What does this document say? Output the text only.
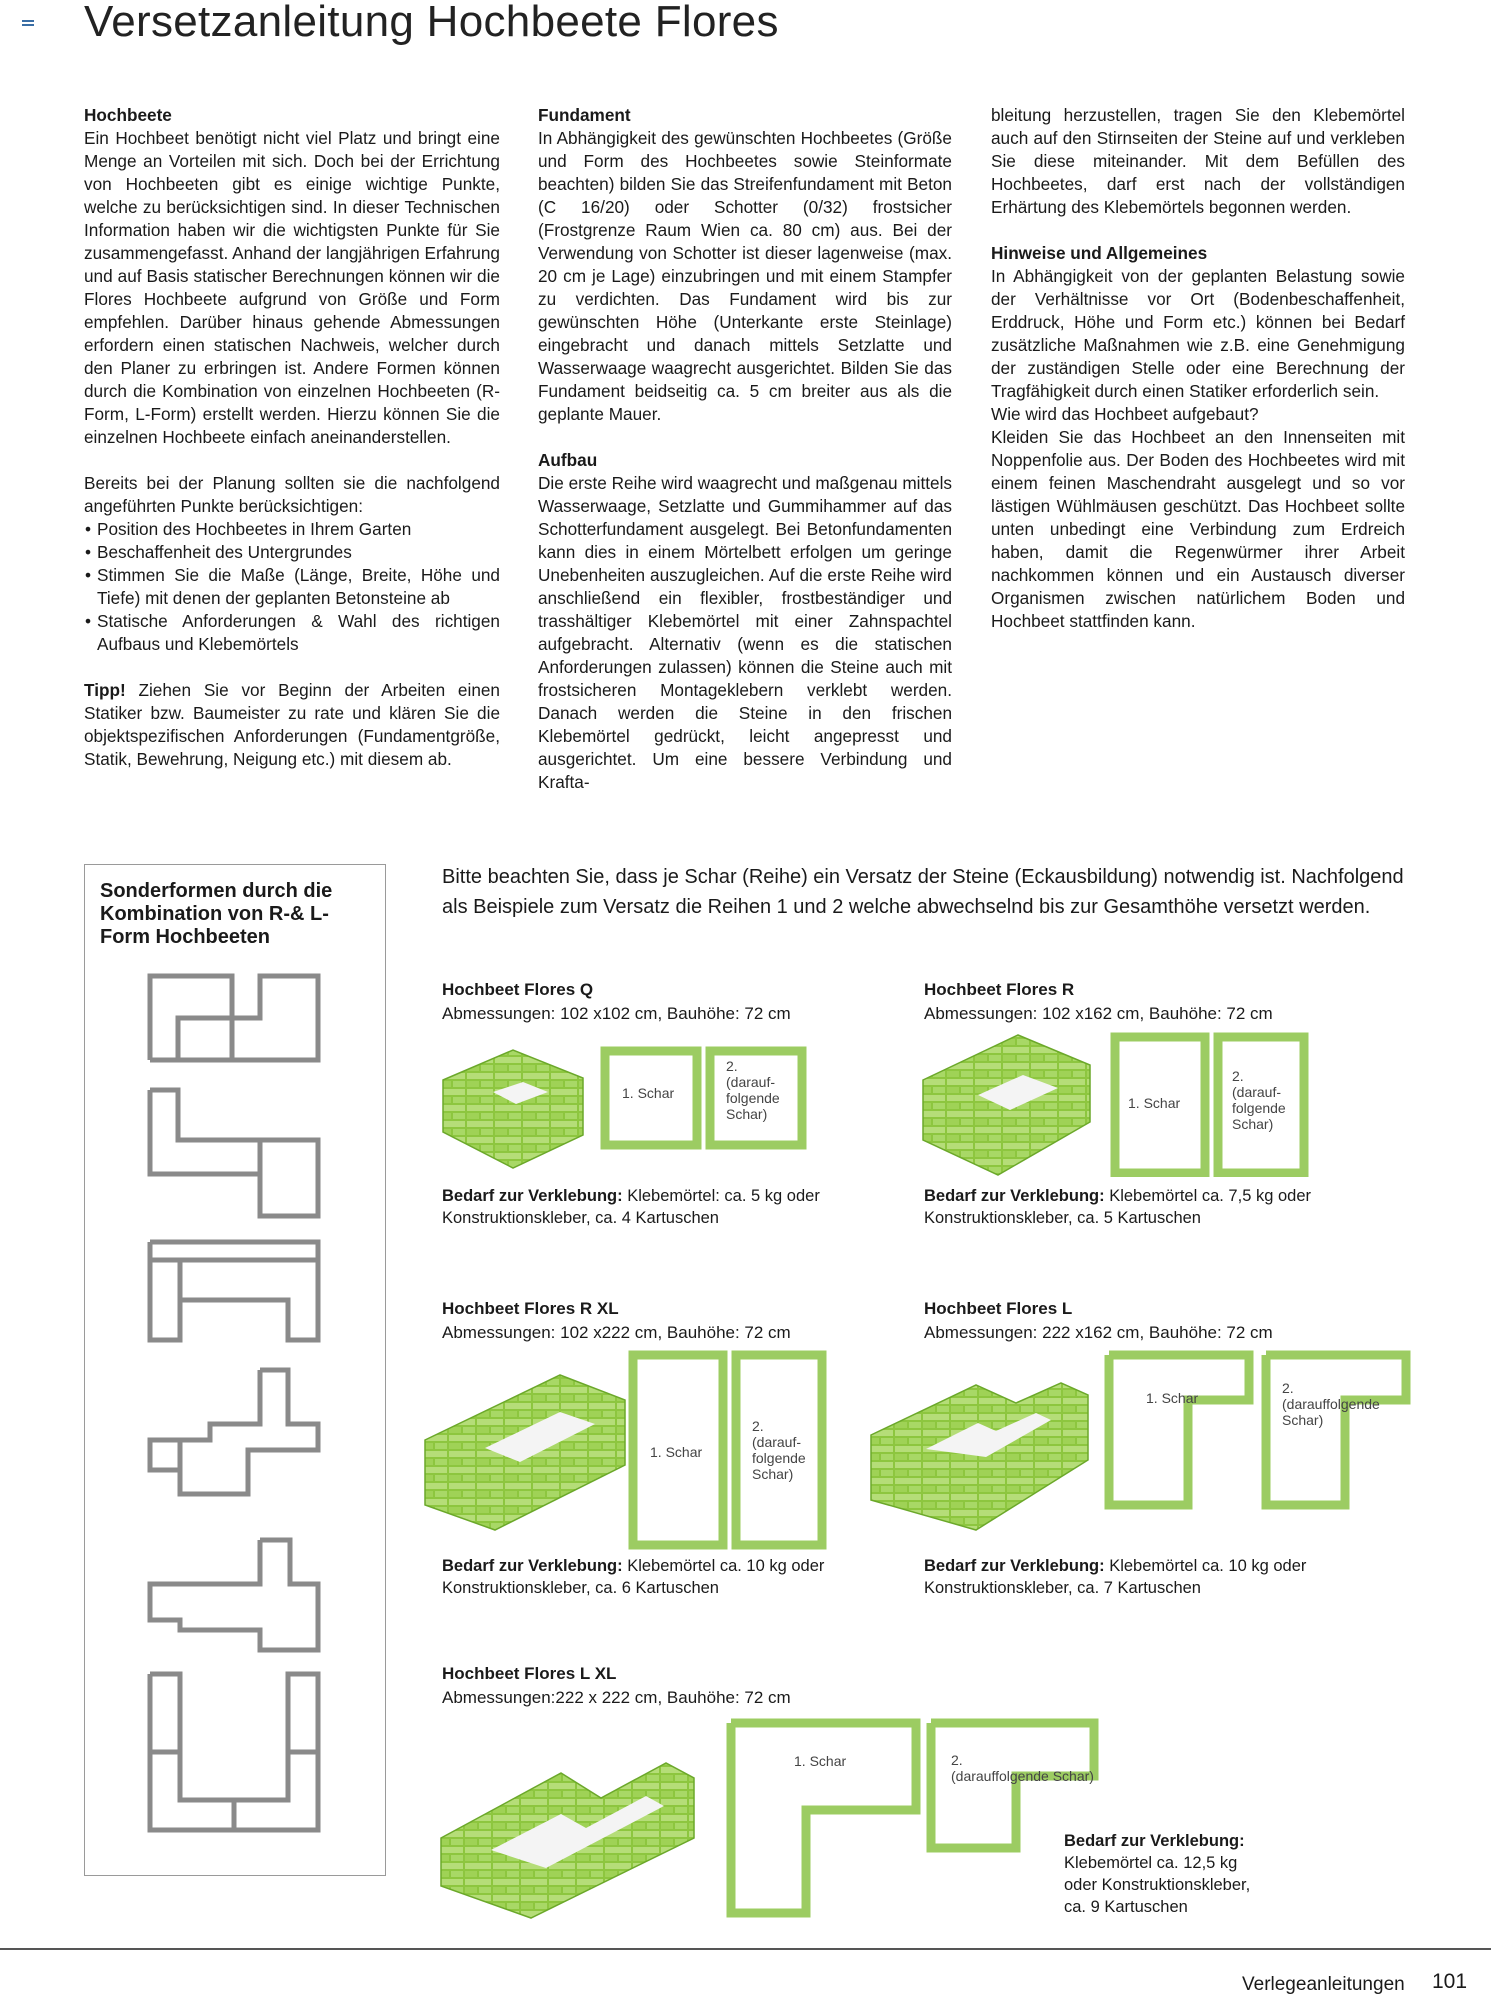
Versetzanleitung Hochbeete Flores
Hochbeete

Ein Hochbeet benötigt nicht viel Platz und bringt eine Menge an Vorteilen mit sich. Doch bei der Errichtung von Hochbeeten gibt es einige wichtige Punkte, welche zu berücksichtigen sind. In dieser Technischen Information haben wir die wichtigsten Punkte für Sie zusammengefasst. Anhand der langjährigen Erfahrung und auf Basis statischer Berechnungen können wir die Flores Hochbeete aufgrund von Größe und Form empfehlen. Darüber hinaus gehende Abmessungen erfordern einen statischen Nachweis, welcher durch den Planer zu erbringen ist. Andere Formen können durch die Kombination von einzelnen Hochbeeten (R-Form, L-Form) erstellt werden. Hierzu können Sie die einzelnen Hochbeete einfach aneinanderstellen.

Bereits bei der Planung sollten sie die nachfolgend angeführten Punkte berücksichtigen:

• Position des Hochbeetes in Ihrem Garten
• Beschaffenheit des Untergrundes
• Stimmen Sie die Maße (Länge, Breite, Höhe und Tiefe) mit denen der geplanten Betonsteine ab
• Statische Anforderungen & Wahl des richtigen Aufbaus und Klebemörtels

Tipp! Ziehen Sie vor Beginn der Arbeiten einen Statiker bzw. Baumeister zu rate und klären Sie die objektspezifischen Anforderungen (Fundamentgröße, Statik, Bewehrung, Neigung etc.) mit diesem ab.

Fundament

In Abhängigkeit des gewünschten Hochbeetes (Größe und Form des Hochbeetes sowie Steinformate beachten) bilden Sie das Streifenfundament mit Beton (C 16/20) oder Schotter (0/32) frostsicher (Frostgrenze Raum Wien ca. 80 cm) aus. Bei der Verwendung von Schotter ist dieser lagenweise (max. 20 cm je Lage) einzubringen und mit einem Stampfer zu verdichten. Das Fundament wird bis zur gewünschten Höhe (Unterkante erste Steinlage) eingebracht und danach mittels Setzlatte und Wasserwaage waagrecht ausgerichtet. Bilden Sie das Fundament beidseitig ca. 5 cm breiter aus als die geplante Mauer.

Aufbau

Die erste Reihe wird waagrecht und maßgenau mittels Wasserwaage, Setzlatte und Gummihammer auf das Schotterfundament ausgelegt. Bei Betonfundamenten kann dies in einem Mörtelbett erfolgen um geringe Unebenheiten auszugleichen. Auf die erste Reihe wird anschließend ein flexibler, frostbeständiger und trasshältiger Klebemörtel mit einer Zahnspachtel aufgebracht. Alternativ (wenn es die statischen Anforderungen zulassen) können die Steine auch mit frostsicheren Montageklebern verklebt werden. Danach werden die Steine in den frischen Klebemörtel gedrückt, leicht angepresst und ausgerichtet. Um eine bessere Verbindung und Krafta-

bleitung herzustellen, tragen Sie den Klebemörtel auch auf den Stirnseiten der Steine auf und verkleben Sie diese miteinander. Mit dem Befüllen des Hochbeetes, darf erst nach der vollständigen Erhärtung des Klebemörtels begonnen werden.

Hinweise und Allgemeines

In Abhängigkeit von der geplanten Belastung sowie der Verhältnisse vor Ort (Bodenbeschaffenheit, Erddruck, Höhe und Form etc.) können bei Bedarf zusätzliche Maßnahmen wie z.B. eine Genehmigung der zuständigen Stelle oder eine Berechnung der Tragfähigkeit durch einen Statiker erforderlich sein.

Wie wird das Hochbeet aufgebaut?

Kleiden Sie das Hochbeet an den Innenseiten mit Noppenfolie aus. Der Boden des Hochbeetes wird mit einem feinen Maschendraht ausgelegt und so vor lästigen Wühlmäusen geschützt. Das Hochbeet sollte unten unbedingt eine Verbindung zum Erdreich haben, damit die Regenwürmer ihrer Arbeit nachkommen können und ein Austausch diverser Organismen zwischen natürlichem Boden und Hochbeet stattfinden kann.

Sonderformen durch die Kombination von R-& L-Form Hochbeeten
Bitte beachten Sie, dass je Schar (Reihe) ein Versatz der Steine (Eckausbildung) notwendig ist. Nachfolgend als Beispiele zum Versatz die Reihen 1 und 2 welche abwechselnd bis zur Gesamthöhe versetzt werden.
Hochbeet Flores Q
Abmessungen: 102 x102 cm, Bauhöhe: 72 cm
1. Schar
2.
(darauf-
folgende
Schar)
Bedarf zur Verklebung: Klebemörtel: ca. 5 kg oder Konstruktionskleber, ca. 4 Kartuschen
Hochbeet Flores R
Abmessungen: 102 x162 cm, Bauhöhe: 72 cm
1. Schar
2.
(darauf-
folgende
Schar)
Bedarf zur Verklebung: Klebemörtel ca. 7,5 kg oder Konstruktionskleber, ca. 5 Kartuschen
Hochbeet Flores R XL
Abmessungen: 102 x222 cm, Bauhöhe: 72 cm
1. Schar
2.
(darauf-
folgende
Schar)
Bedarf zur Verklebung: Klebemörtel ca. 10 kg oder Konstruktionskleber, ca. 6 Kartuschen
Hochbeet Flores L
Abmessungen: 222 x162 cm, Bauhöhe: 72 cm
1. Schar
2.
(darauffolgende
Schar)
Bedarf zur Verklebung: Klebemörtel ca. 10 kg oder Konstruktionskleber, ca. 7 Kartuschen
Hochbeet Flores L XL
Abmessungen:222 x 222 cm, Bauhöhe: 72 cm
1. Schar	2.
(darauffolgende Schar)
Bedarf zur Verklebung:
Klebemörtel ca. 12,5 kg
oder Konstruktionskleber,
ca. 9 Kartuschen
Verlegeanleitungen 101
